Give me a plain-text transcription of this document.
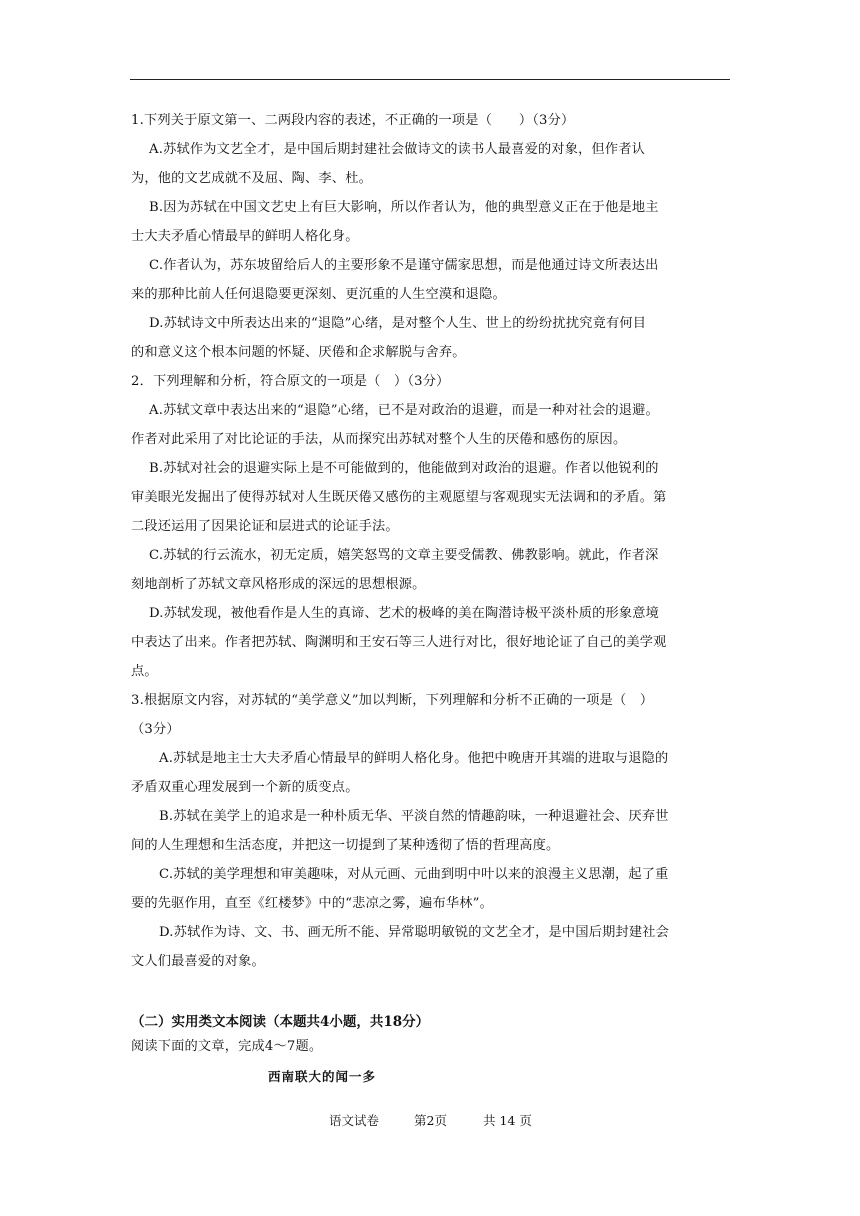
1.下列关于原文第一、二两段内容的表述，不正确的一项是（　　）（3分）
A.苏轼作为文艺全才，是中国后期封建社会做诗文的读书人最喜爱的对象，但作者认
为，他的文艺成就不及屈、陶、李、杜。
B.因为苏轼在中国文艺史上有巨大影响，所以作者认为，他的典型意义正在于他是地主
士大夫矛盾心情最早的鲜明人格化身。
C.作者认为，苏东坡留给后人的主要形象不是谨守儒家思想，而是他通过诗文所表达出
来的那种比前人任何退隐要更深刻、更沉重的人生空漠和退隐。
D.苏轼诗文中所表达出来的“退隐”心绪，是对整个人生、世上的纷纷扰扰究竟有何目
的和意义这个根本问题的怀疑、厌倦和企求解脱与舍弃。
2．下列理解和分析，符合原文的一项是（　）（3分）
A.苏轼文章中表达出来的“退隐”心绪，已不是对政治的退避，而是一种对社会的退避。
作者对此采用了对比论证的手法，从而探究出苏轼对整个人生的厌倦和感伤的原因。
B.苏轼对社会的退避实际上是不可能做到的，他能做到对政治的退避。作者以他锐利的
审美眼光发掘出了使得苏轼对人生既厌倦又感伤的主观愿望与客观现实无法调和的矛盾。第
二段还运用了因果论证和层进式的论证手法。
C.苏轼的行云流水，初无定质，嬉笑怒骂的文章主要受儒教、佛教影响。就此，作者深
刻地剖析了苏轼文章风格形成的深远的思想根源。
D.苏轼发现，被他看作是人生的真谛、艺术的极峰的美在陶潜诗极平淡朴质的形象意境
中表达了出来。作者把苏轼、陶渊明和王安石等三人进行对比，很好地论证了自己的美学观
点。
3.根据原文内容，对苏轼的“美学意义”加以判断，下列理解和分析不正确的一项是（　）
（3分）
A.苏轼是地主士大夫矛盾心情最早的鲜明人格化身。他把中晚唐开其端的进取与退隐的
矛盾双重心理发展到一个新的质变点。
B.苏轼在美学上的追求是一种朴质无华、平淡自然的情趣韵味，一种退避社会、厌弃世
间的人生理想和生活态度，并把这一切提到了某种透彻了悟的哲理高度。
C.苏轼的美学理想和审美趣味，对从元画、元曲到明中叶以来的浪漫主义思潮，起了重
要的先驱作用，直至《红楼梦》中的“悲凉之雾，遍布华林”。
D.苏轼作为诗、文、书、画无所不能、异常聪明敏锐的文艺全才，是中国后期封建社会
文人们最喜爱的对象。
（二）实用类文本阅读（本题共4小题，共18分）
阅读下面的文章，完成4～7题。
西南联大的闻一多
语文试卷	第2页	共 14 页
